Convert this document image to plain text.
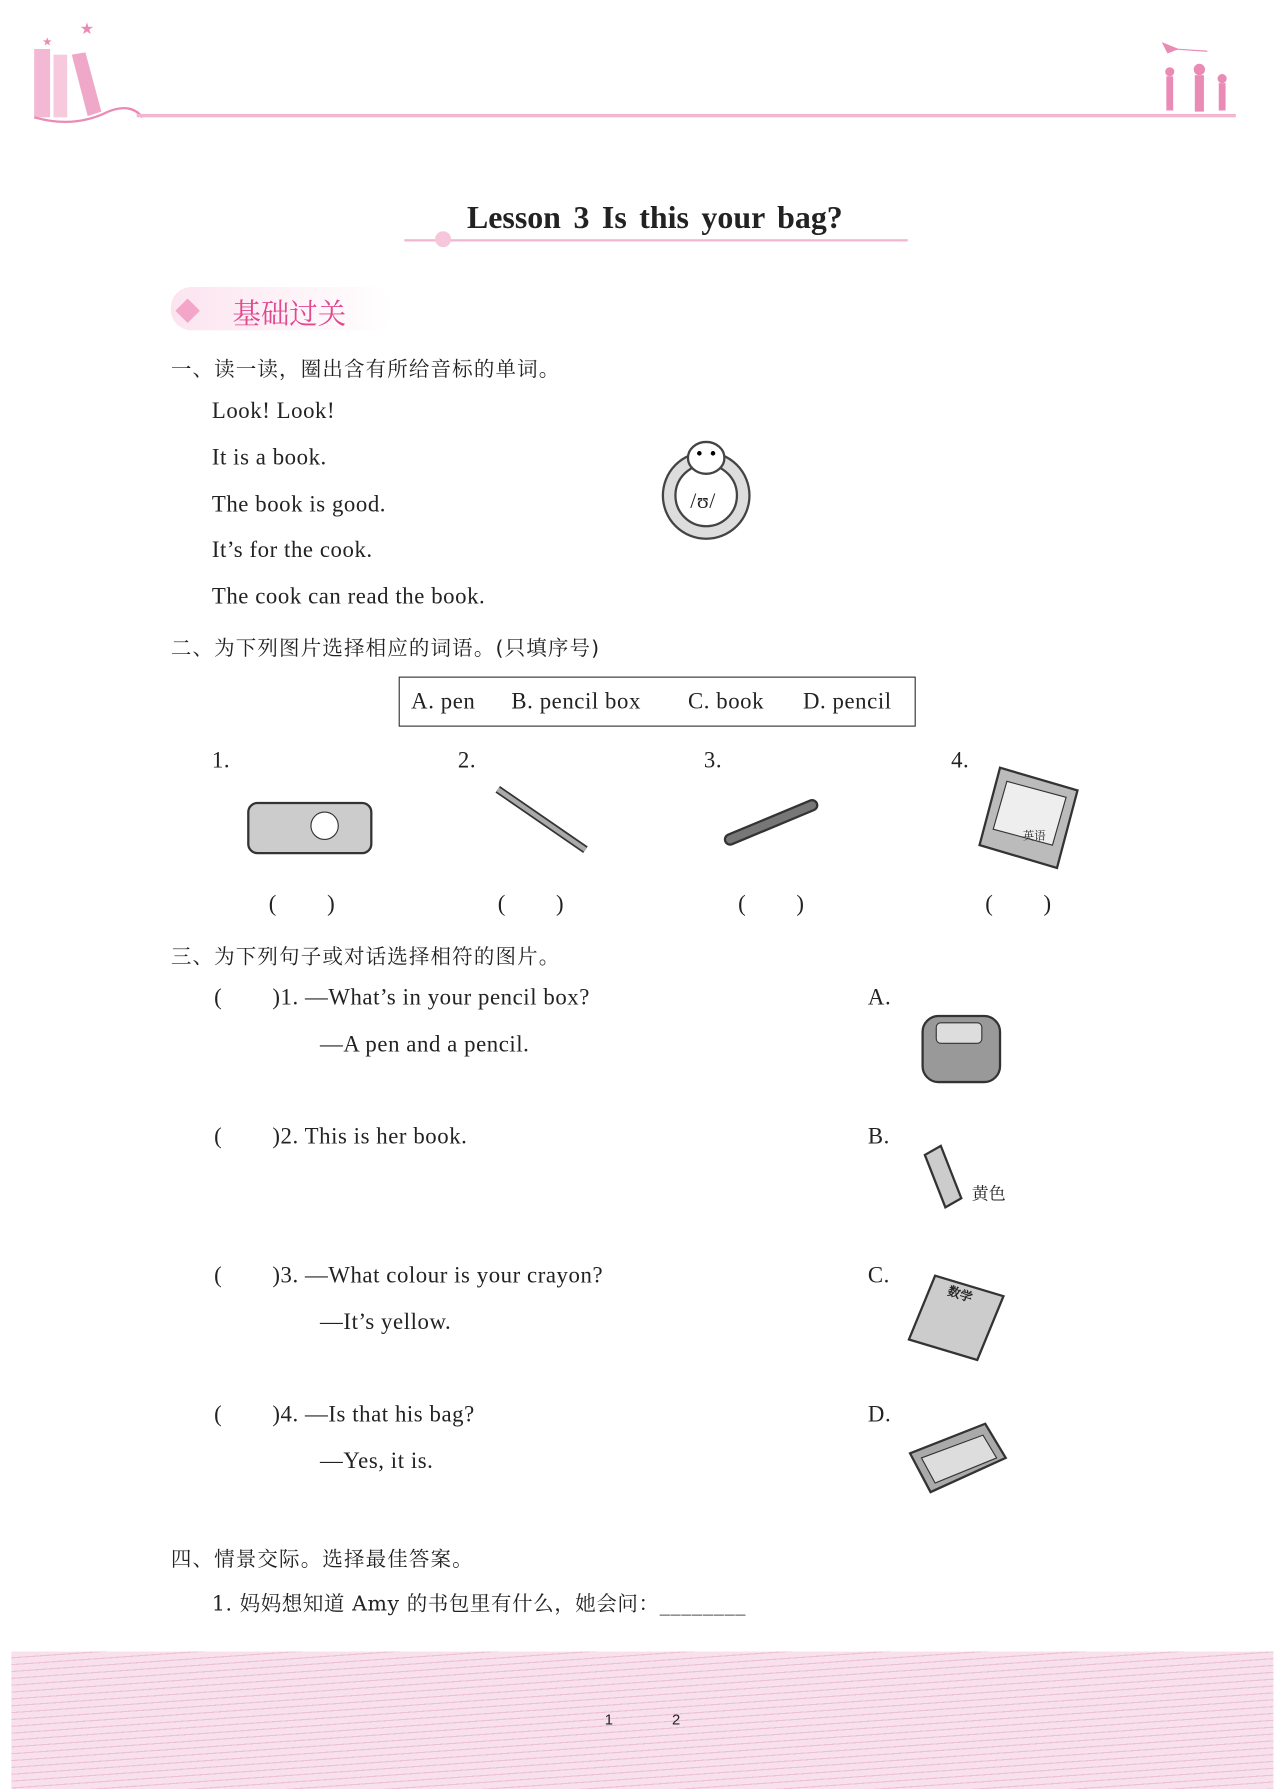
★
★
Lesson 3 Is this your bag?
◆ 基础过关
一、读一读，圈出含有所给音标的单词。
Look! Look!
It is a book.
The book is good.
It’s for the cook.
The cook can read the book.
/ʊ/
二、为下列图片选择相应的词语。(只填序号)
A. pen B. pencil box C. book D. pencil
1.	2.	3.	4.
英语
(        )	(        )	(        )	(        )
三、为下列句子或对话选择相符的图片。
(        )1. —What’s in your pencil box?
—A pen and a pencil.
(        )2. This is her book.
(        )3. —What colour is your crayon?
—It’s yellow.
(        )4. —Is that his bag?
—Yes, it is.
A.
B.
C.
D.
黄色
数学
四、情景交际。选择最佳答案。
1. 妈妈想知道 Amy 的书包里有什么，她会问：________
1	2
